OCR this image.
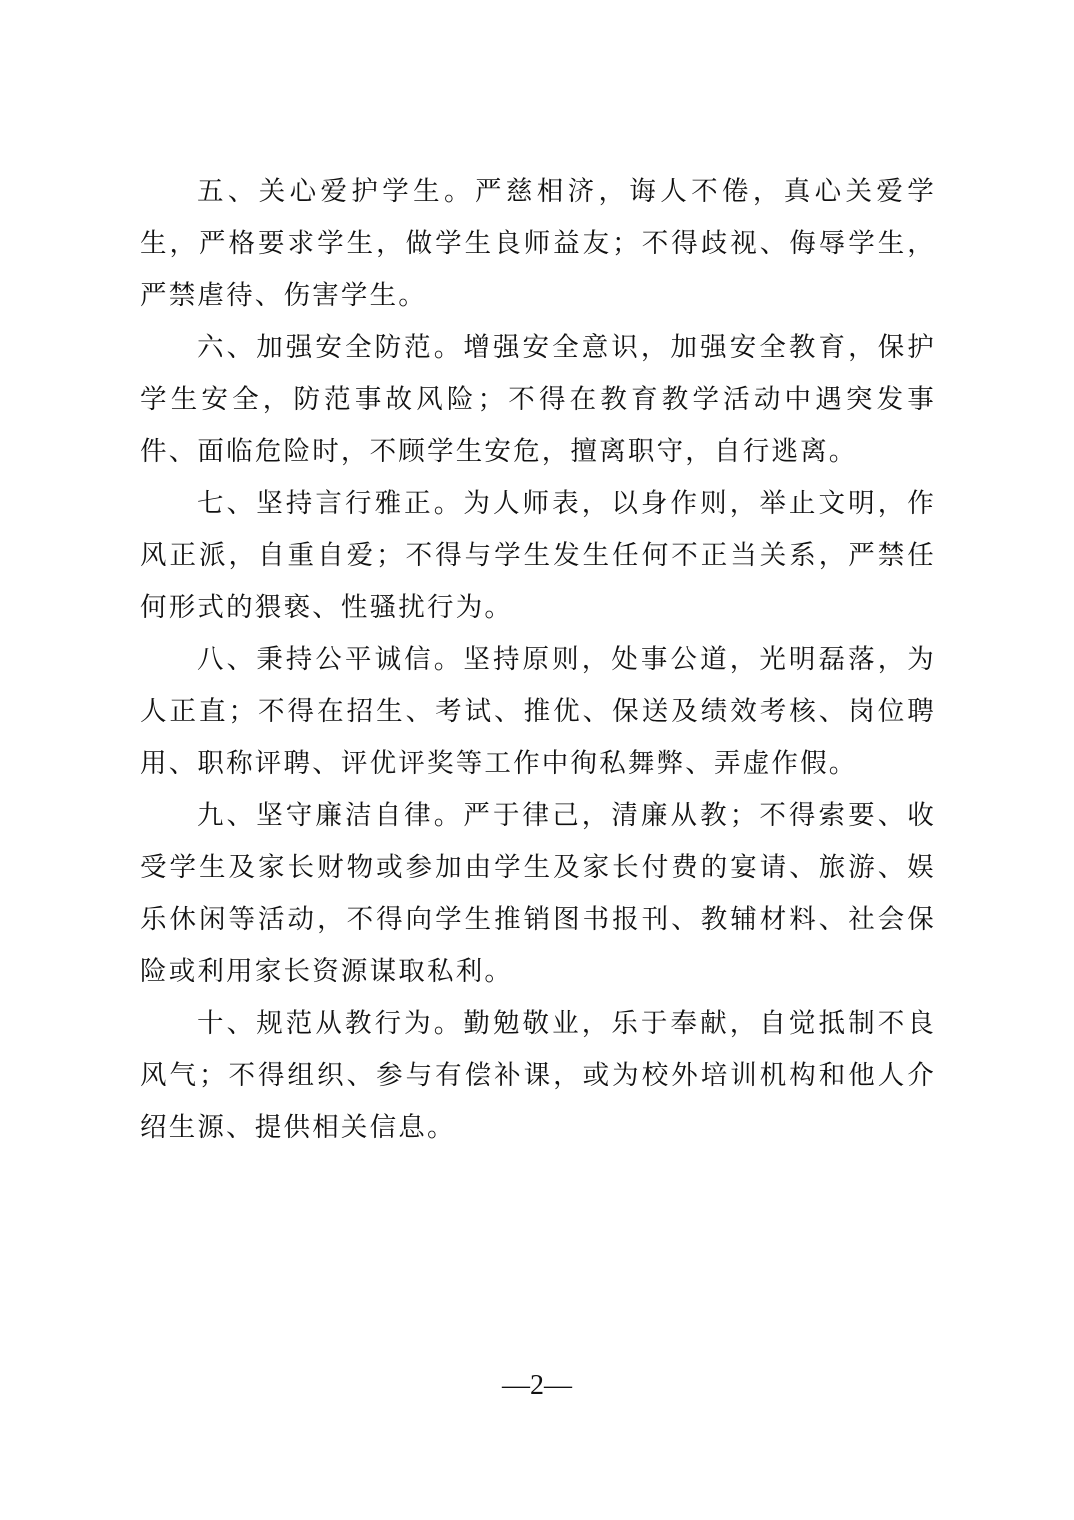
五、关心爱护学生。严慈相济，诲人不倦，真心关爱学生，严格要求学生，做学生良师益友；不得歧视、侮辱学生，严禁虐待、伤害学生。

六、加强安全防范。增强安全意识，加强安全教育，保护学生安全，防范事故风险；不得在教育教学活动中遇突发事件、面临危险时，不顾学生安危，擅离职守，自行逃离。

七、坚持言行雅正。为人师表，以身作则，举止文明，作风正派，自重自爱；不得与学生发生任何不正当关系，严禁任何形式的猥亵、性骚扰行为。

八、秉持公平诚信。坚持原则，处事公道，光明磊落，为人正直；不得在招生、考试、推优、保送及绩效考核、岗位聘用、职称评聘、评优评奖等工作中徇私舞弊、弄虚作假。

九、坚守廉洁自律。严于律己，清廉从教；不得索要、收受学生及家长财物或参加由学生及家长付费的宴请、旅游、娱乐休闲等活动，不得向学生推销图书报刊、教辅材料、社会保险或利用家长资源谋取私利。

十、规范从教行为。勤勉敬业，乐于奉献，自觉抵制不良风气；不得组织、参与有偿补课，或为校外培训机构和他人介绍生源、提供相关信息。

—2—
